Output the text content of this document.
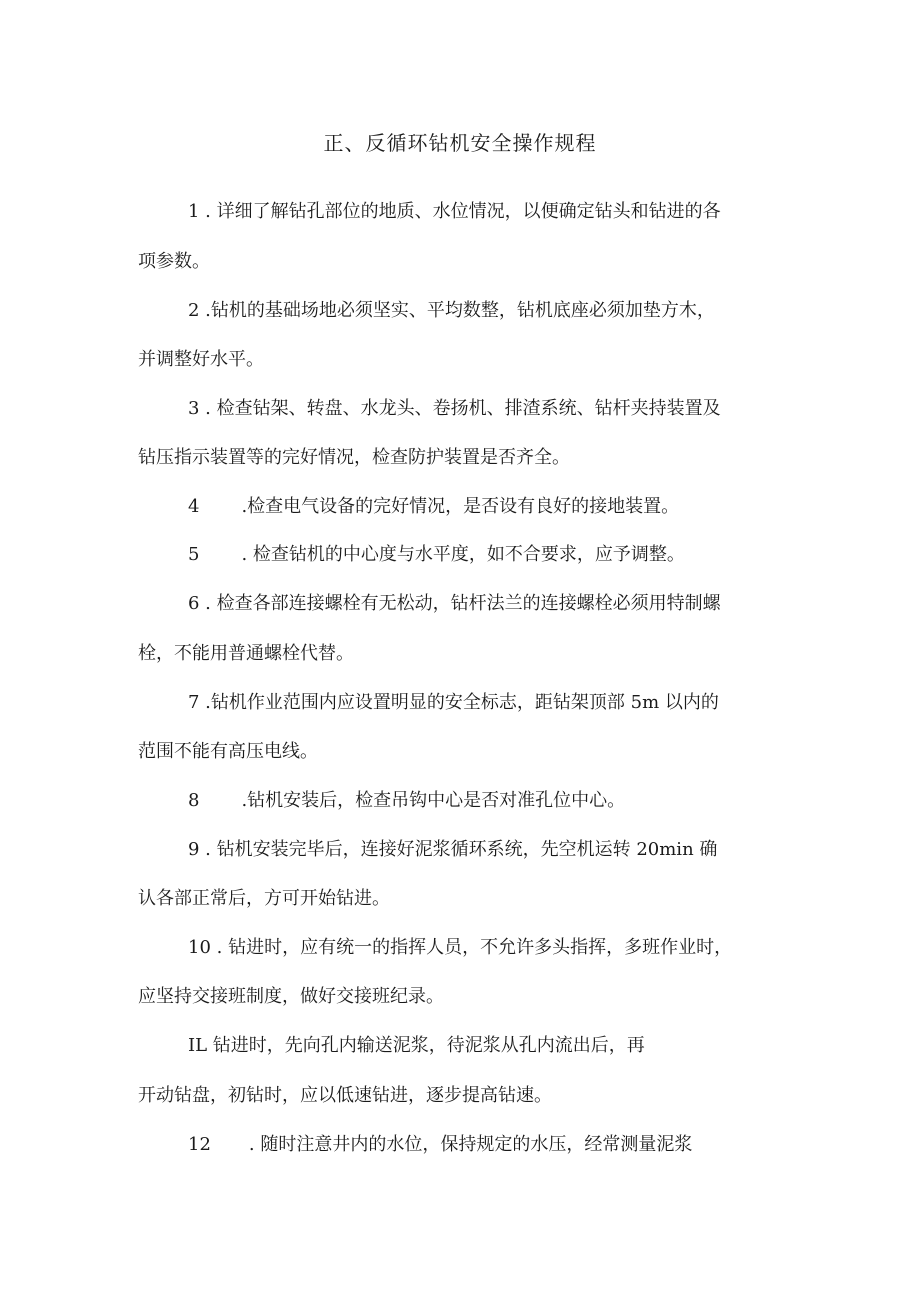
正、反循环钻机安全操作规程
1 . 详细了解钻孔部位的地质、水位情况，以便确定钻头和钻进的各
项参数。
2 .钻机的基础场地必须坚实、平均数整，钻机底座必须加垫方木，
并调整好水平。
3 . 检查钻架、转盘、水龙头、卷扬机、排渣系统、钻杆夹持装置及
钻压指示装置等的完好情况，检查防护装置是否齐全。
4 .检查电气设备的完好情况，是否设有良好的接地装置。
5 . 检查钻机的中心度与水平度，如不合要求，应予调整。
6 . 检查各部连接螺栓有无松动，钻杆法兰的连接螺栓必须用特制螺
栓，不能用普通螺栓代替。
7 .钻机作业范围内应设置明显的安全标志，距钻架顶部 5m 以内的
范围不能有高压电线。
8 .钻机安装后，检查吊钩中心是否对准孔位中心。
9 . 钻机安装完毕后，连接好泥浆循环系统，先空机运转 20min 确
认各部正常后，方可开始钻进。
10 . 钻进时，应有统一的指挥人员，不允许多头指挥，多班作业时，
应坚持交接班制度，做好交接班纪录。
IL 钻进时，先向孔内输送泥浆，待泥浆从孔内流出后，再
开动钻盘，初钻时，应以低速钻进，逐步提高钻速。
12 . 随时注意井内的水位，保持规定的水压，经常测量泥浆
